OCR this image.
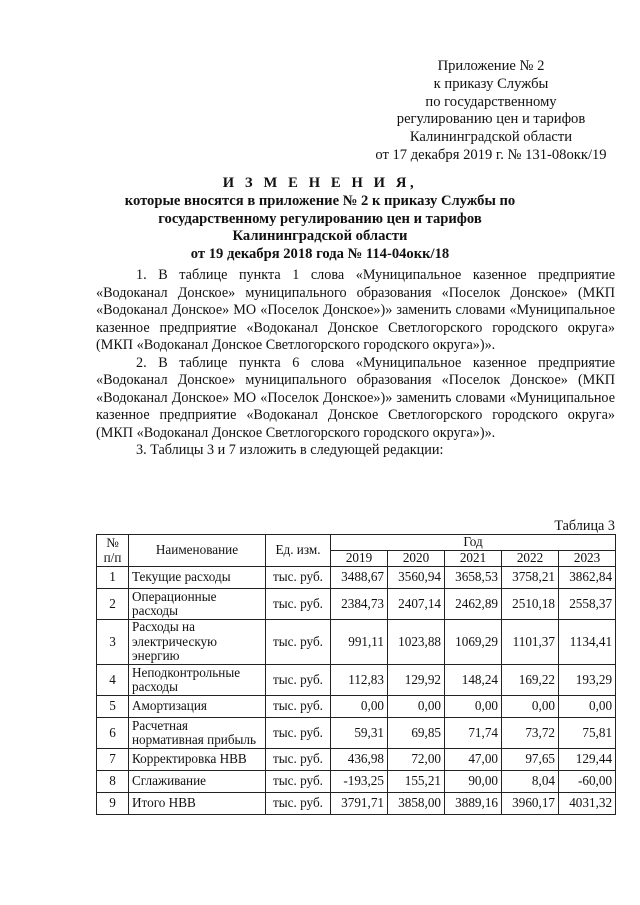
Приложение № 2
к приказу Службы
по государственному
регулированию цен и тарифов
Калининградской области
от 17 декабря 2019 г. № 131-08окк/19
И З М Е Н Е Н И Я,
которые вносятся в приложение № 2 к приказу Службы по
государственному регулированию цен и тарифов
Калининградской области
от 19 декабря 2018 года № 114-04окк/18

1. В таблице пункта 1 слова «Муниципальное казенное предприятие «Водоканал Донское» муниципального образования «Поселок Донское» (МКП «Водоканал Донское» МО «Поселок Донское»)» заменить словами «Муниципальное казенное предприятие «Водоканал Донское Светлогорского городского округа» (МКП «Водоканал Донское Светлогорского городского округа»)».

2. В таблице пункта 6 слова «Муниципальное казенное предприятие «Водоканал Донское» муниципального образования «Поселок Донское» (МКП «Водоканал Донское» МО «Поселок Донское»)» заменить словами «Муниципальное казенное предприятие «Водоканал Донское Светлогорского городского округа» (МКП «Водоканал Донское Светлогорского городского округа»)».

3. Таблицы 3 и 7 изложить в следующей редакции:

Таблица 3
№ п/п	Наименование	Ед. изм.	Год				
			2019	2020	2021	2022	2023
1	Текущие расходы	тыс. руб.	3488,67	3560,94	3658,53	3758,21	3862,84
2	Операционные расходы	тыс. руб.	2384,73	2407,14	2462,89	2510,18	2558,37
3	Расходы на электрическую энергию	тыс. руб.	991,11	1023,88	1069,29	1101,37	1134,41
4	Неподконтрольные расходы	тыс. руб.	112,83	129,92	148,24	169,22	193,29
5	Амортизация	тыс. руб.	0,00	0,00	0,00	0,00	0,00
6	Расчетная нормативная прибыль	тыс. руб.	59,31	69,85	71,74	73,72	75,81
7	Корректировка НВВ	тыс. руб.	436,98	72,00	47,00	97,65	129,44
8	Сглаживание	тыс. руб.	-193,25	155,21	90,00	8,04	-60,00
9	Итого НВВ	тыс. руб.	3791,71	3858,00	3889,16	3960,17	4031,32
